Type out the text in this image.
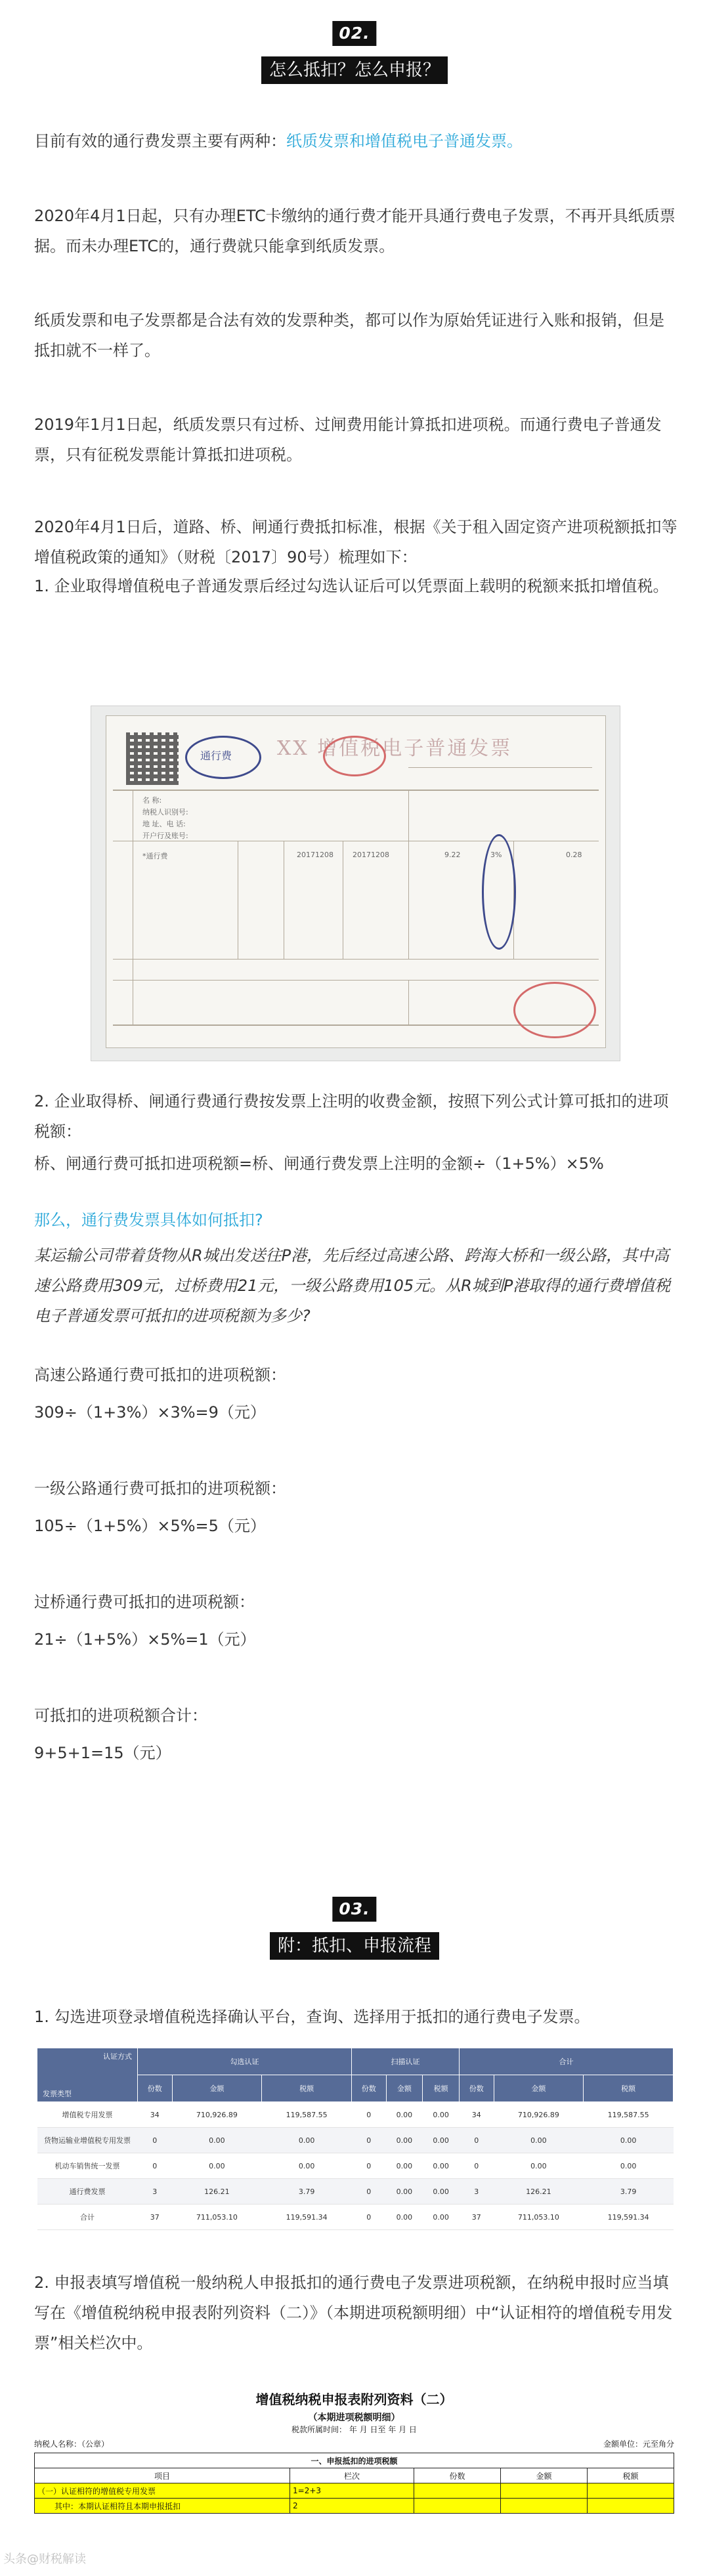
02.
怎么抵扣？怎么申报？

目前有效的通行费发票主要有两种：纸质发票和增值税电子普通发票。

2020年4月1日起，只有办理ETC卡缴纳的通行费才能开具通行费电子发票，不再开具纸质票据。而未办理ETC的，通行费就只能拿到纸质发票。

纸质发票和电子发票都是合法有效的发票种类，都可以作为原始凭证进行入账和报销，但是抵扣就不一样了。

2019年1月1日起，纸质发票只有过桥、过闸费用能计算抵扣进项税。而通行费电子普通发票，只有征税发票能计算抵扣进项税。

2020年4月1日后，道路、桥、闸通行费抵扣标准，根据《关于租入固定资产进项税额抵扣等增值税政策的通知》（财税〔2017〕90号）梳理如下：

1. 企业取得增值税电子普通发票后经过勾选认证后可以凭票面上载明的税额来抵扣增值税。

通行费 XX 增值税电子普通发票
名 称:
纳税人识别号:
地 址、电 话:
开户行及账号:
*通行费	20171208	20171208	9.22	3%	0.28

2. 企业取得桥、闸通行费通行费按发票上注明的收费金额，按照下列公式计算可抵扣的进项税额：

桥、闸通行费可抵扣进项税额=桥、闸通行费发票上注明的金额÷（1+5%）×5%

那么，通行费发票具体如何抵扣?

某运输公司带着货物从R城出发送往P港，先后经过高速公路、跨海大桥和一级公路，其中高速公路费用309元，过桥费用21元，一级公路费用105元。从R城到P港取得的通行费增值税电子普通发票可抵扣的进项税额为多少?

高速公路通行费可抵扣的进项税额：

309÷（1+3%）×3%=9（元）

一级公路通行费可抵扣的进项税额：

105÷（1+5%）×5%=5（元）

过桥通行费可抵扣的进项税额：

21÷（1+5%）×5%=1（元）

可抵扣的进项税额合计：

9+5+1=15（元）

03.
附：抵扣、申报流程

1. 勾选进项登录增值税选择确认平台，查询、选择用于抵扣的通行费电子发票。

认证方式
发票类型	勾选认证			扫描认证			合计		
	份数	金额	税额	份数	金额	税额	份数	金额	税额
增值税专用发票	34	710,926.89	119,587.55	0	0.00	0.00	34	710,926.89	119,587.55
货物运输业增值税专用发票	0	0.00	0.00	0	0.00	0.00	0	0.00	0.00
机动车销售统一发票	0	0.00	0.00	0	0.00	0.00	0	0.00	0.00
通行费发票	3	126.21	3.79	0	0.00	0.00	3	126.21	3.79
合计	37	711,053.10	119,591.34	0	0.00	0.00	37	711,053.10	119,591.34

2. 申报表填写增值税一般纳税人申报抵扣的通行费电子发票进项税额，在纳税申报时应当填写在《增值税纳税申报表附列资料（二）》（本期进项税额明细）中“认证相符的增值税专用发票”相关栏次中。

增值税纳税申报表附列资料（二）
（本期进项税额明细）
税款所属时间： 年 月 日至 年 月 日
纳税人名称：（公章）	金额单位：元至角分
一、申报抵扣的进项税额				
项目	栏次	份数	金额	税额
（一）认证相符的增值税专用发票	1=2+3			
其中：本期认证相符且本期申报抵扣	2			
头条@财税解读
